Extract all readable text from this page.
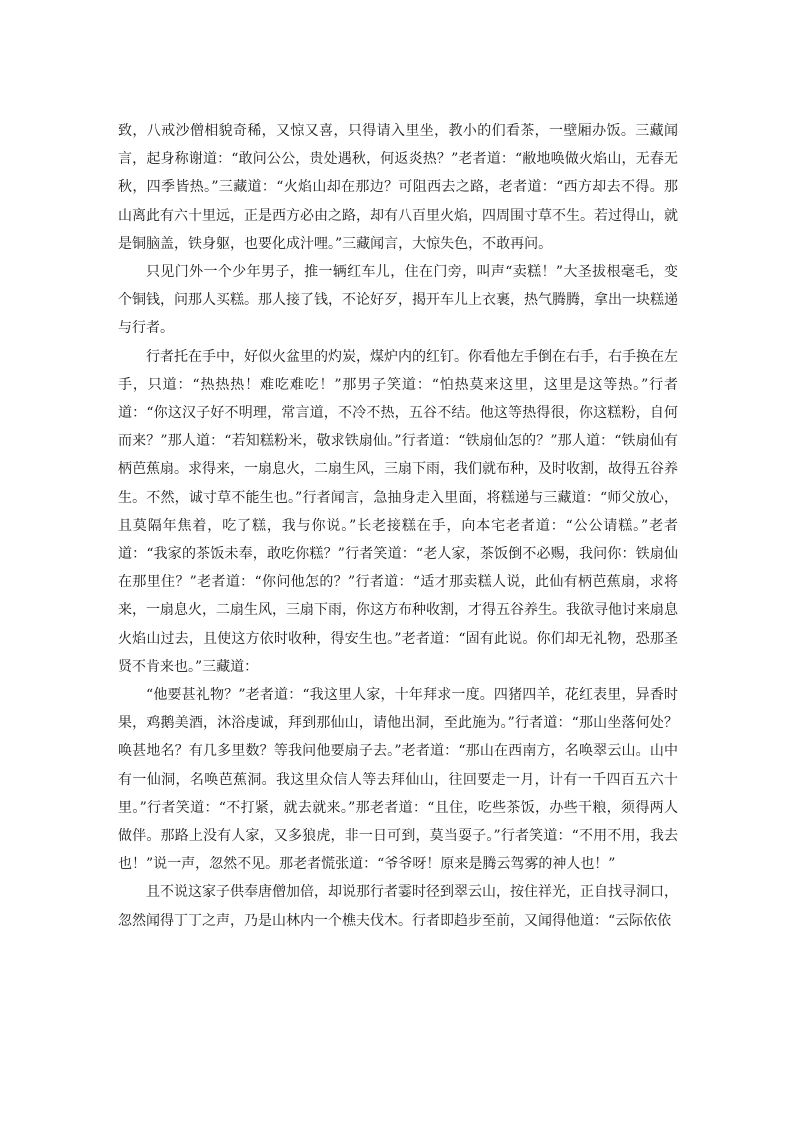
致，八戒沙僧相貌奇稀，又惊又喜，只得请入里坐，教小的们看茶，一壁厢办饭。三藏闻言，起身称谢道：“敢问公公，贵处遇秋，何返炎热？”老者道：“敝地唤做火焰山，无春无秋，四季皆热。”三藏道：“火焰山却在那边？可阻西去之路，老者道：“西方却去不得。那山离此有六十里远，正是西方必由之路，却有八百里火焰，四周围寸草不生。若过得山，就是铜脑盖，铁身躯，也要化成汁哩。”三藏闻言，大惊失色，不敢再问。

只见门外一个少年男子，推一辆红车儿，住在门旁，叫声“卖糕！”大圣拔根毫毛，变个铜钱，问那人买糕。那人接了钱，不论好歹，揭开车儿上衣裹，热气腾腾，拿出一块糕递与行者。

行者托在手中，好似火盆里的灼炭，煤炉内的红钉。你看他左手倒在右手，右手换在左手，只道：“热热热！难吃难吃！”那男子笑道：“怕热莫来这里，这里是这等热。”行者道：“你这汉子好不明理，常言道，不冷不热，五谷不结。他这等热得很，你这糕粉，自何而来？”那人道：“若知糕粉米，敬求铁扇仙。”行者道：“铁扇仙怎的？”那人道：“铁扇仙有柄芭蕉扇。求得来，一扇息火，二扇生风，三扇下雨，我们就布种，及时收割，故得五谷养生。不然，诚寸草不能生也。”行者闻言，急抽身走入里面，将糕递与三藏道：“师父放心，且莫隔年焦着，吃了糕，我与你说。”长老接糕在手，向本宅老者道：“公公请糕。”老者道：“我家的茶饭未奉，敢吃你糕？”行者笑道：“老人家，茶饭倒不必赐，我问你：铁扇仙在那里住？”老者道：“你问他怎的？”行者道：“适才那卖糕人说，此仙有柄芭蕉扇，求将来，一扇息火，二扇生风，三扇下雨，你这方布种收割，才得五谷养生。我欲寻他讨来扇息火焰山过去，且使这方依时收种，得安生也。”老者道：“固有此说。你们却无礼物，恐那圣贤不肯来也。”三藏道：

“他要甚礼物？”老者道：“我这里人家，十年拜求一度。四猪四羊，花红表里，异香时果，鸡鹅美酒，沐浴虔诚，拜到那仙山，请他出洞，至此施为。”行者道：“那山坐落何处？唤甚地名？有几多里数？等我问他要扇子去。”老者道：“那山在西南方，名唤翠云山。山中有一仙洞，名唤芭蕉洞。我这里众信人等去拜仙山，往回要走一月，计有一千四百五六十里。”行者笑道：“不打紧，就去就来。”那老者道：“且住，吃些茶饭，办些干粮，须得两人做伴。那路上没有人家，又多狼虎，非一日可到，莫当耍子。”行者笑道：“不用不用，我去也！”说一声，忽然不见。那老者慌张道：“爷爷呀！原来是腾云驾雾的神人也！”

且不说这家子供奉唐僧加倍，却说那行者霎时径到翠云山，按住祥光，正自找寻洞口，忽然闻得丁丁之声，乃是山林内一个樵夫伐木。行者即趋步至前，又闻得他道：“云际依依
